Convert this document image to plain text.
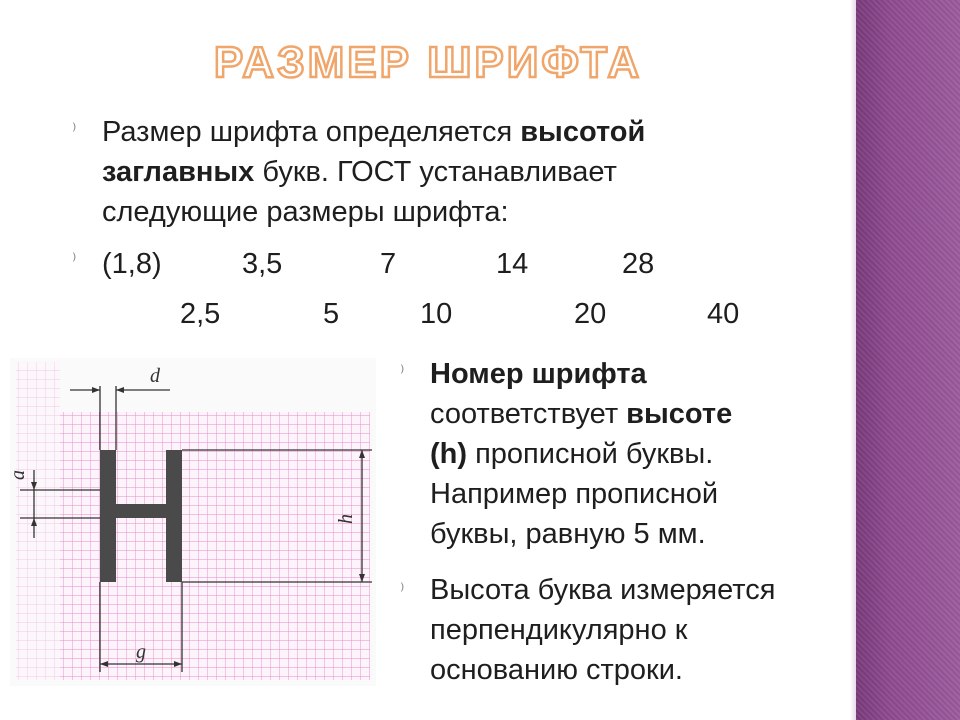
РАЗМЕР ШРИФТА
⁾ Размер шрифта определяется высотой
заглавных букв. ГОСТ устанавливает
следующие размеры шрифта:
⁾ (1,8)	3,5	7	14	28
2,5	5	10	20	40
⁾ Номер шрифта
соответствует высоте
(h) прописной буквы.
Например прописной
буквы, равную 5 мм.
⁾ Высота буква измеряется
перпендикулярно к
основанию строки.
d
a
h
g
